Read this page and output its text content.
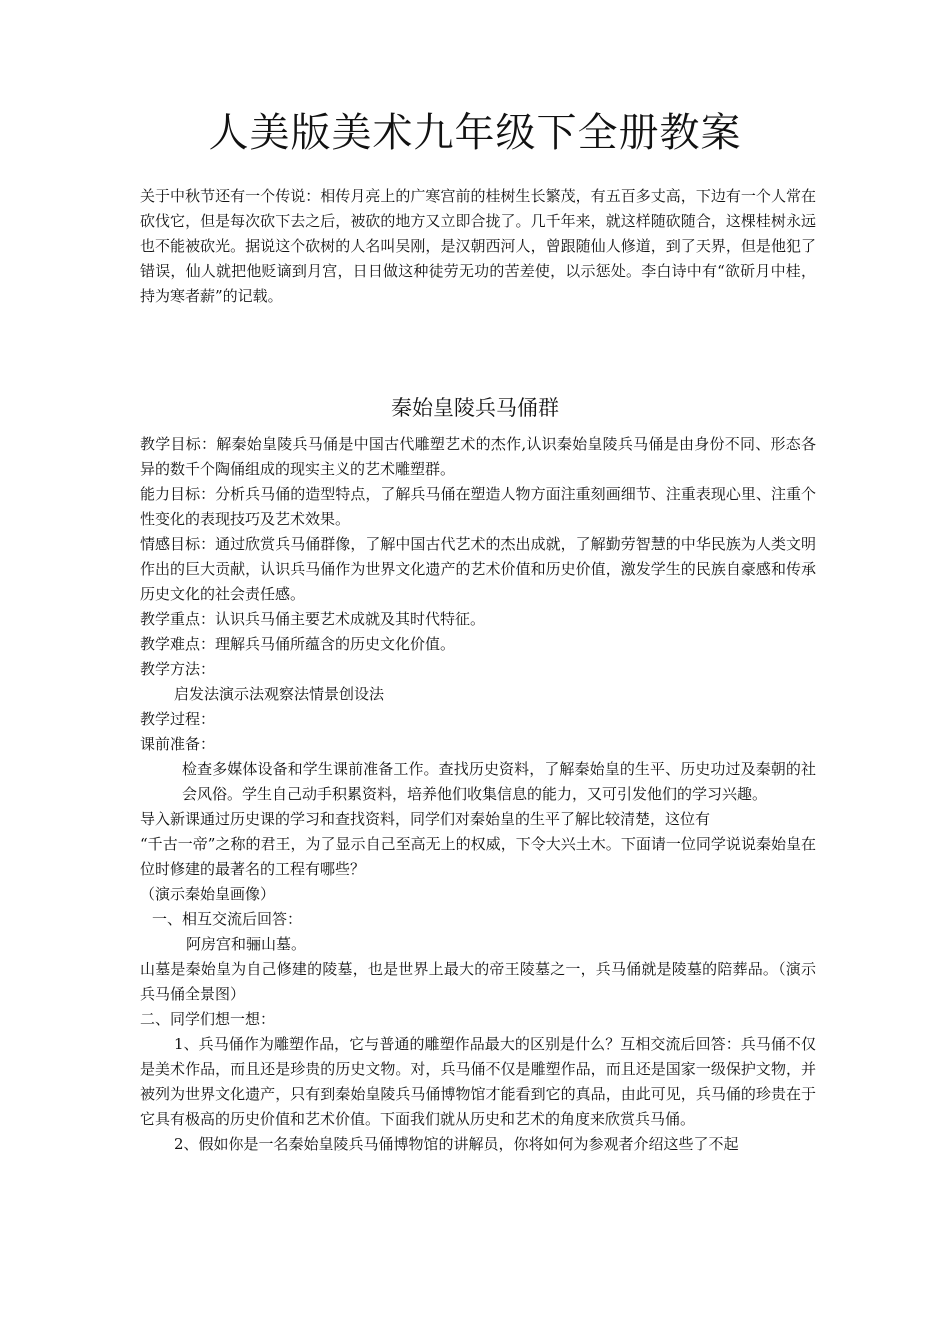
人美版美术九年级下全册教案

关于中秋节还有一个传说：相传月亮上的广寒宫前的桂树生长繁茂，有五百多丈高，下边有一个人常在砍伐它，但是每次砍下去之后，被砍的地方又立即合拢了。几千年来，就这样随砍随合，这棵桂树永远也不能被砍光。据说这个砍树的人名叫吴刚，是汉朝西河人，曾跟随仙人修道，到了天界，但是他犯了错误，仙人就把他贬谪到月宫，日日做这种徒劳无功的苦差使，以示惩处。李白诗中有“欲斫月中桂，持为寒者薪”的记载。

秦始皇陵兵马俑群

教学目标：解秦始皇陵兵马俑是中国古代雕塑艺术的杰作,认识秦始皇陵兵马俑是由身份不同、形态各异的数千个陶俑组成的现实主义的艺术雕塑群。

能力目标：分析兵马俑的造型特点，了解兵马俑在塑造人物方面注重刻画细节、注重表现心里、注重个性变化的表现技巧及艺术效果。

情感目标：通过欣赏兵马俑群像，了解中国古代艺术的杰出成就，了解勤劳智慧的中华民族为人类文明作出的巨大贡献，认识兵马俑作为世界文化遗产的艺术价值和历史价值，激发学生的民族自豪感和传承历史文化的社会责任感。

教学重点：认识兵马俑主要艺术成就及其时代特征。

教学难点：理解兵马俑所蕴含的历史文化价值。

教学方法：

启发法演示法观察法情景创设法

教学过程：

课前准备：

检查多媒体设备和学生课前准备工作。查找历史资料，了解秦始皇的生平、历史功过及秦朝的社会风俗。学生自己动手积累资料，培养他们收集信息的能力，又可引发他们的学习兴趣。

导入新课通过历史课的学习和查找资料，同学们对秦始皇的生平了解比较清楚，这位有

“千古一帝”之称的君王，为了显示自己至高无上的权威，下令大兴土木。下面请一位同学说说秦始皇在位时修建的最著名的工程有哪些？

（演示秦始皇画像）

一、相互交流后回答：

阿房宫和骊山墓。

山墓是秦始皇为自己修建的陵墓，也是世界上最大的帝王陵墓之一，兵马俑就是陵墓的陪葬品。（演示兵马俑全景图）

二、同学们想一想：

1、兵马俑作为雕塑作品，它与普通的雕塑作品最大的区别是什么？互相交流后回答：兵马俑不仅是美术作品，而且还是珍贵的历史文物。对，兵马俑不仅是雕塑作品，而且还是国家一级保护文物，并被列为世界文化遗产，只有到秦始皇陵兵马俑博物馆才能看到它的真品，由此可见，兵马俑的珍贵在于它具有极高的历史价值和艺术价值。下面我们就从历史和艺术的角度来欣赏兵马俑。

2、假如你是一名秦始皇陵兵马俑博物馆的讲解员，你将如何为参观者介绍这些了不起
